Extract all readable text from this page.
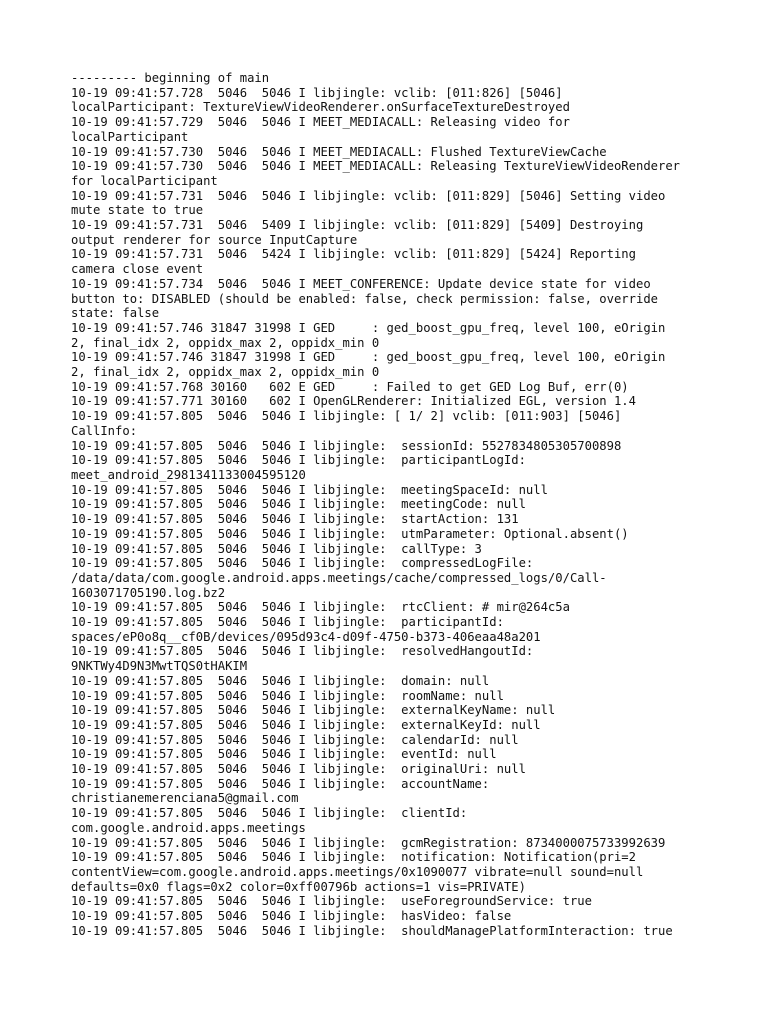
--------- beginning of main
10-19 09:41:57.728  5046  5046 I libjingle: vclib: [011:826] [5046]
localParticipant: TextureViewVideoRenderer.onSurfaceTextureDestroyed
10-19 09:41:57.729  5046  5046 I MEET_MEDIACALL: Releasing video for
localParticipant
10-19 09:41:57.730  5046  5046 I MEET_MEDIACALL: Flushed TextureViewCache
10-19 09:41:57.730  5046  5046 I MEET_MEDIACALL: Releasing TextureViewVideoRenderer
for localParticipant
10-19 09:41:57.731  5046  5046 I libjingle: vclib: [011:829] [5046] Setting video
mute state to true
10-19 09:41:57.731  5046  5409 I libjingle: vclib: [011:829] [5409] Destroying
output renderer for source InputCapture
10-19 09:41:57.731  5046  5424 I libjingle: vclib: [011:829] [5424] Reporting
camera close event
10-19 09:41:57.734  5046  5046 I MEET_CONFERENCE: Update device state for video
button to: DISABLED (should be enabled: false, check permission: false, override
state: false
10-19 09:41:57.746 31847 31998 I GED     : ged_boost_gpu_freq, level 100, eOrigin
2, final_idx 2, oppidx_max 2, oppidx_min 0
10-19 09:41:57.746 31847 31998 I GED     : ged_boost_gpu_freq, level 100, eOrigin
2, final_idx 2, oppidx_max 2, oppidx_min 0
10-19 09:41:57.768 30160   602 E GED     : Failed to get GED Log Buf, err(0)
10-19 09:41:57.771 30160   602 I OpenGLRenderer: Initialized EGL, version 1.4
10-19 09:41:57.805  5046  5046 I libjingle: [ 1/ 2] vclib: [011:903] [5046]
CallInfo:
10-19 09:41:57.805  5046  5046 I libjingle:  sessionId: 5527834805305700898
10-19 09:41:57.805  5046  5046 I libjingle:  participantLogId:
meet_android_2981341133004595120
10-19 09:41:57.805  5046  5046 I libjingle:  meetingSpaceId: null
10-19 09:41:57.805  5046  5046 I libjingle:  meetingCode: null
10-19 09:41:57.805  5046  5046 I libjingle:  startAction: 131
10-19 09:41:57.805  5046  5046 I libjingle:  utmParameter: Optional.absent()
10-19 09:41:57.805  5046  5046 I libjingle:  callType: 3
10-19 09:41:57.805  5046  5046 I libjingle:  compressedLogFile:
/data/data/com.google.android.apps.meetings/cache/compressed_logs/0/Call-
1603071705190.log.bz2
10-19 09:41:57.805  5046  5046 I libjingle:  rtcClient: # mir@264c5a
10-19 09:41:57.805  5046  5046 I libjingle:  participantId:
spaces/eP0o8q__cf0B/devices/095d93c4-d09f-4750-b373-406eaa48a201
10-19 09:41:57.805  5046  5046 I libjingle:  resolvedHangoutId:
9NKTWy4D9N3MwtTQS0tHAKIM
10-19 09:41:57.805  5046  5046 I libjingle:  domain: null
10-19 09:41:57.805  5046  5046 I libjingle:  roomName: null
10-19 09:41:57.805  5046  5046 I libjingle:  externalKeyName: null
10-19 09:41:57.805  5046  5046 I libjingle:  externalKeyId: null
10-19 09:41:57.805  5046  5046 I libjingle:  calendarId: null
10-19 09:41:57.805  5046  5046 I libjingle:  eventId: null
10-19 09:41:57.805  5046  5046 I libjingle:  originalUri: null
10-19 09:41:57.805  5046  5046 I libjingle:  accountName:
christianemerenciana5@gmail.com
10-19 09:41:57.805  5046  5046 I libjingle:  clientId:
com.google.android.apps.meetings
10-19 09:41:57.805  5046  5046 I libjingle:  gcmRegistration: 8734000075733992639
10-19 09:41:57.805  5046  5046 I libjingle:  notification: Notification(pri=2
contentView=com.google.android.apps.meetings/0x1090077 vibrate=null sound=null
defaults=0x0 flags=0x2 color=0xff00796b actions=1 vis=PRIVATE)
10-19 09:41:57.805  5046  5046 I libjingle:  useForegroundService: true
10-19 09:41:57.805  5046  5046 I libjingle:  hasVideo: false
10-19 09:41:57.805  5046  5046 I libjingle:  shouldManagePlatformInteraction: true
